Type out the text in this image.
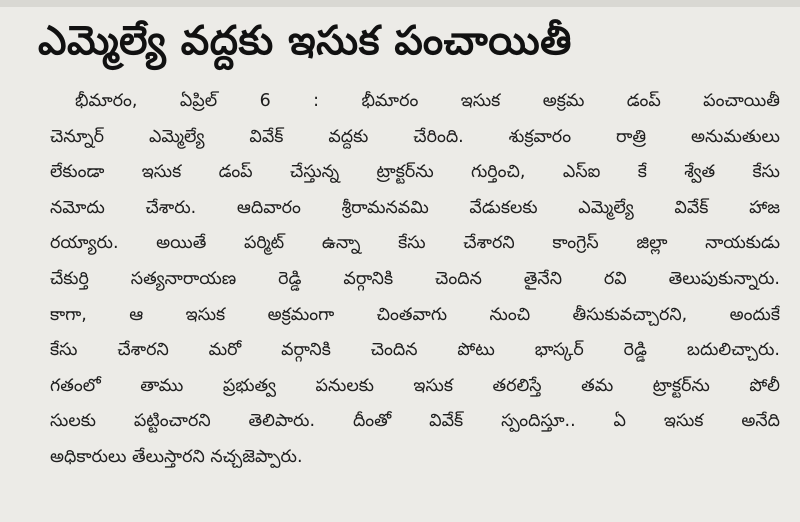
ఎమ్మెల్యే వద్దకు ఇసుక పంచాయితీ
భీమారం, ఏప్రిల్ 6 : భీమారం ఇసుక అక్రమ డంప్ పంచాయితీ
చెన్నూర్ ఎమ్మెల్యే వివేక్ వద్దకు చేరింది. శుక్రవారం రాత్రి అనుమతులు
లేకుండా ఇసుక డంప్ చేస్తున్న ట్రాక్టర్‌ను గుర్తించి, ఎస్‌ఐ కే శ్వేత కేసు
నమోదు చేశారు. ఆదివారం శ్రీరామనవమి వేడుకలకు ఎమ్మెల్యే వివేక్ హాజ
రయ్యారు. అయితే పర్మిట్ ఉన్నా కేసు చేశారని కాంగ్రెస్ జిల్లా నాయకుడు
చేకుర్తి సత్యనారాయణ రెడ్డి వర్గానికి చెందిన తైనేని రవి తెలుపుకున్నారు.
కాగా, ఆ ఇసుక అక్రమంగా చింతవాగు నుంచి తీసుకువచ్చారని, అందుకే
కేసు చేశారని మరో వర్గానికి చెందిన పోటు భాస్కర్ రెడ్డి బదులిచ్చారు.
గతంలో తాము ప్రభుత్వ పనులకు ఇసుక తరలిస్తే తమ ట్రాక్టర్‌ను పోలీ
సులకు పట్టించారని తెలిపారు. దీంతో వివేక్ స్పందిస్తూ.. ఏ ఇసుక అనేది
అధికారులు తేలుస్తారని నచ్చజెప్పారు.
